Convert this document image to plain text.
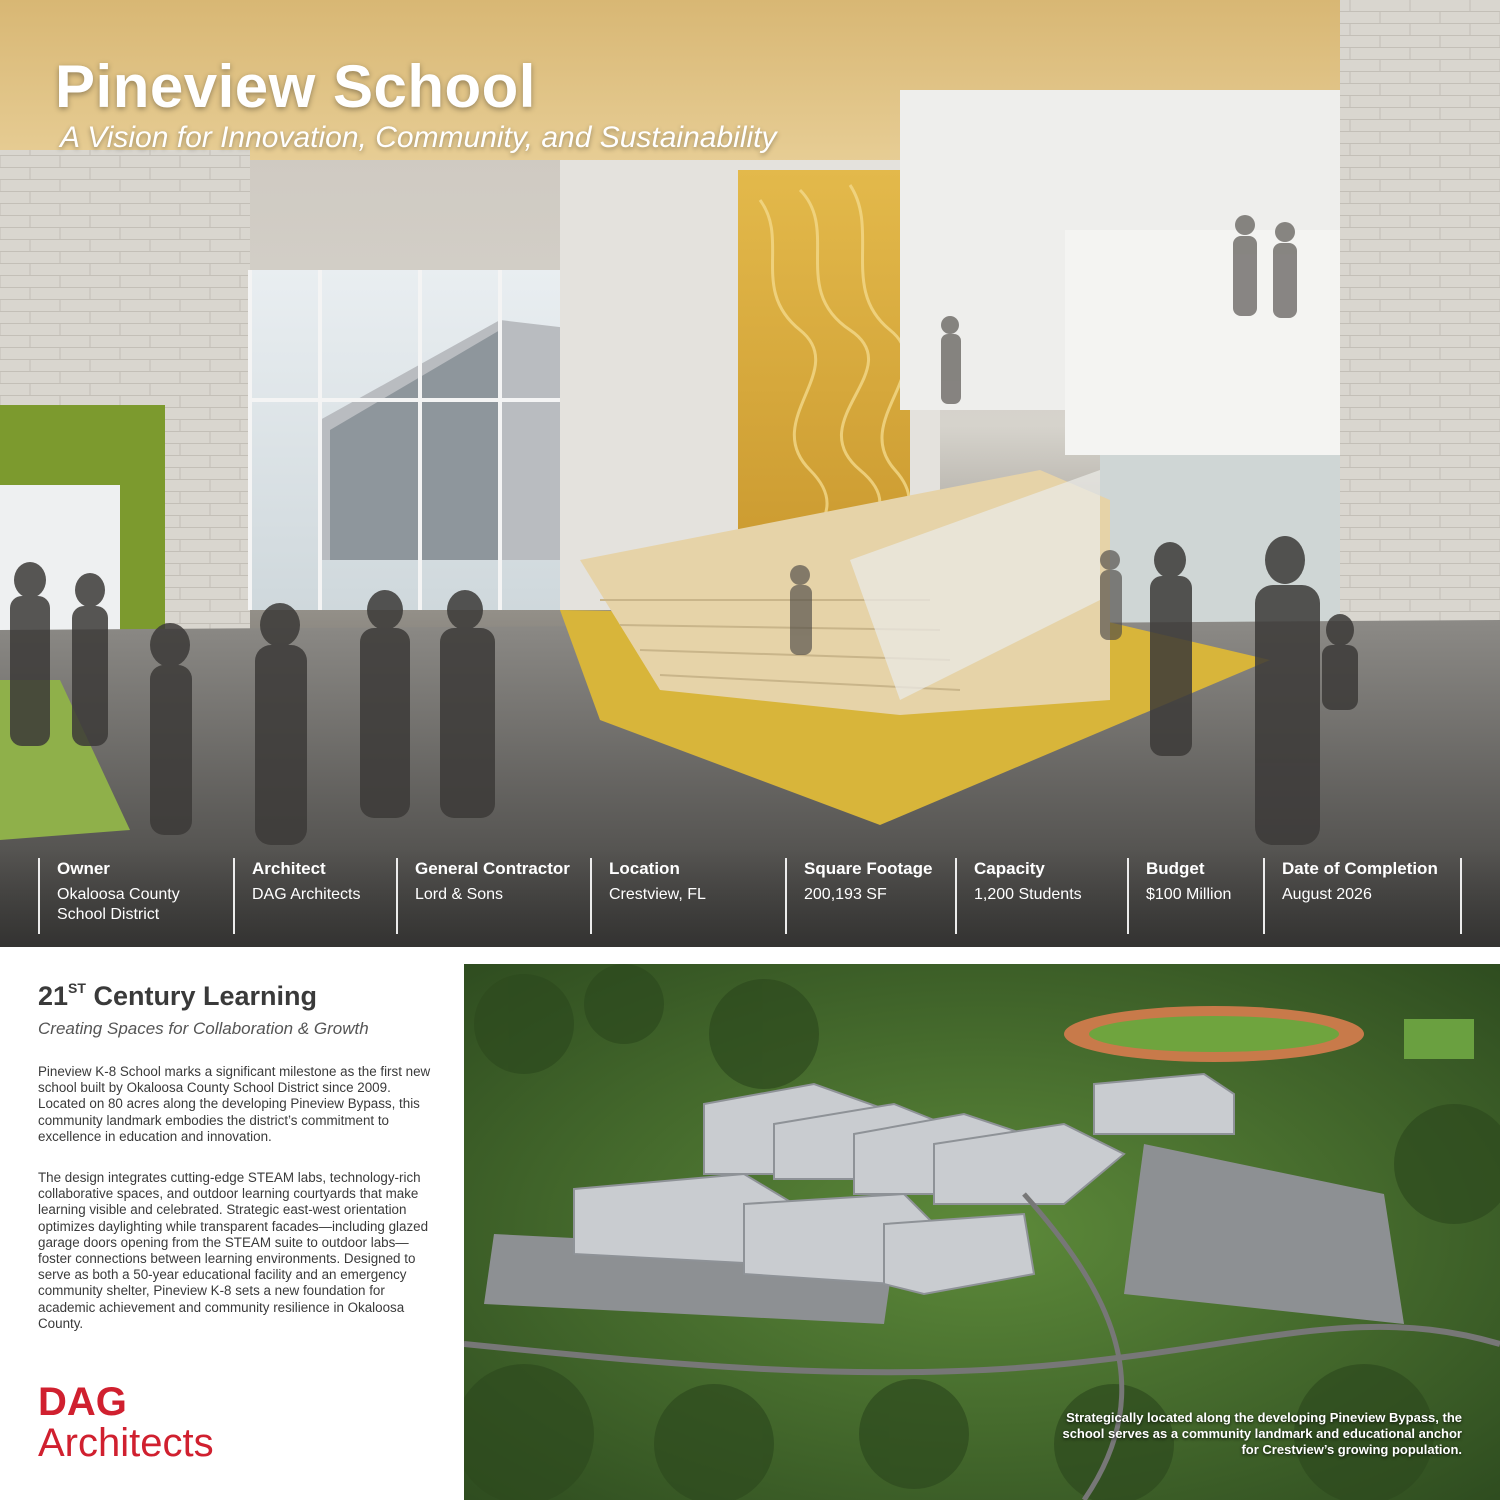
Pineview School

A Vision for Innovation, Community, and Sustainability

Owner
Okaloosa County
School District
Architect
DAG Architects
General Contractor
Lord & Sons
Location
Crestview, FL
Square Footage
200,193 SF
Capacity
1,200 Students
Budget
$100 Million
Date of Completion
August 2026
21ST Century Learning

Creating Spaces for Collaboration & Growth

Pineview K-8 School marks a significant milestone as the first new school built by Okaloosa County School District since 2009. Located on 80 acres along the developing Pineview Bypass, this community landmark embodies the district’s commitment to excellence in education and innovation.

The design integrates cutting-edge STEAM labs, technology-rich collaborative spaces, and outdoor learning courtyards that make learning visible and celebrated. Strategic east-west orientation optimizes daylighting while transparent facades—including glazed garage doors opening from the STEAM suite to outdoor labs—foster connections between learning environments. Designed to serve as both a 50-year educational facility and an emergency community shelter, Pineview K-8 sets a new foundation for academic achievement and community resilience in Okaloosa County.

DAG
Architects

Strategically located along the developing Pineview Bypass, the school serves as a community landmark and educational anchor for Crestview’s growing population.
